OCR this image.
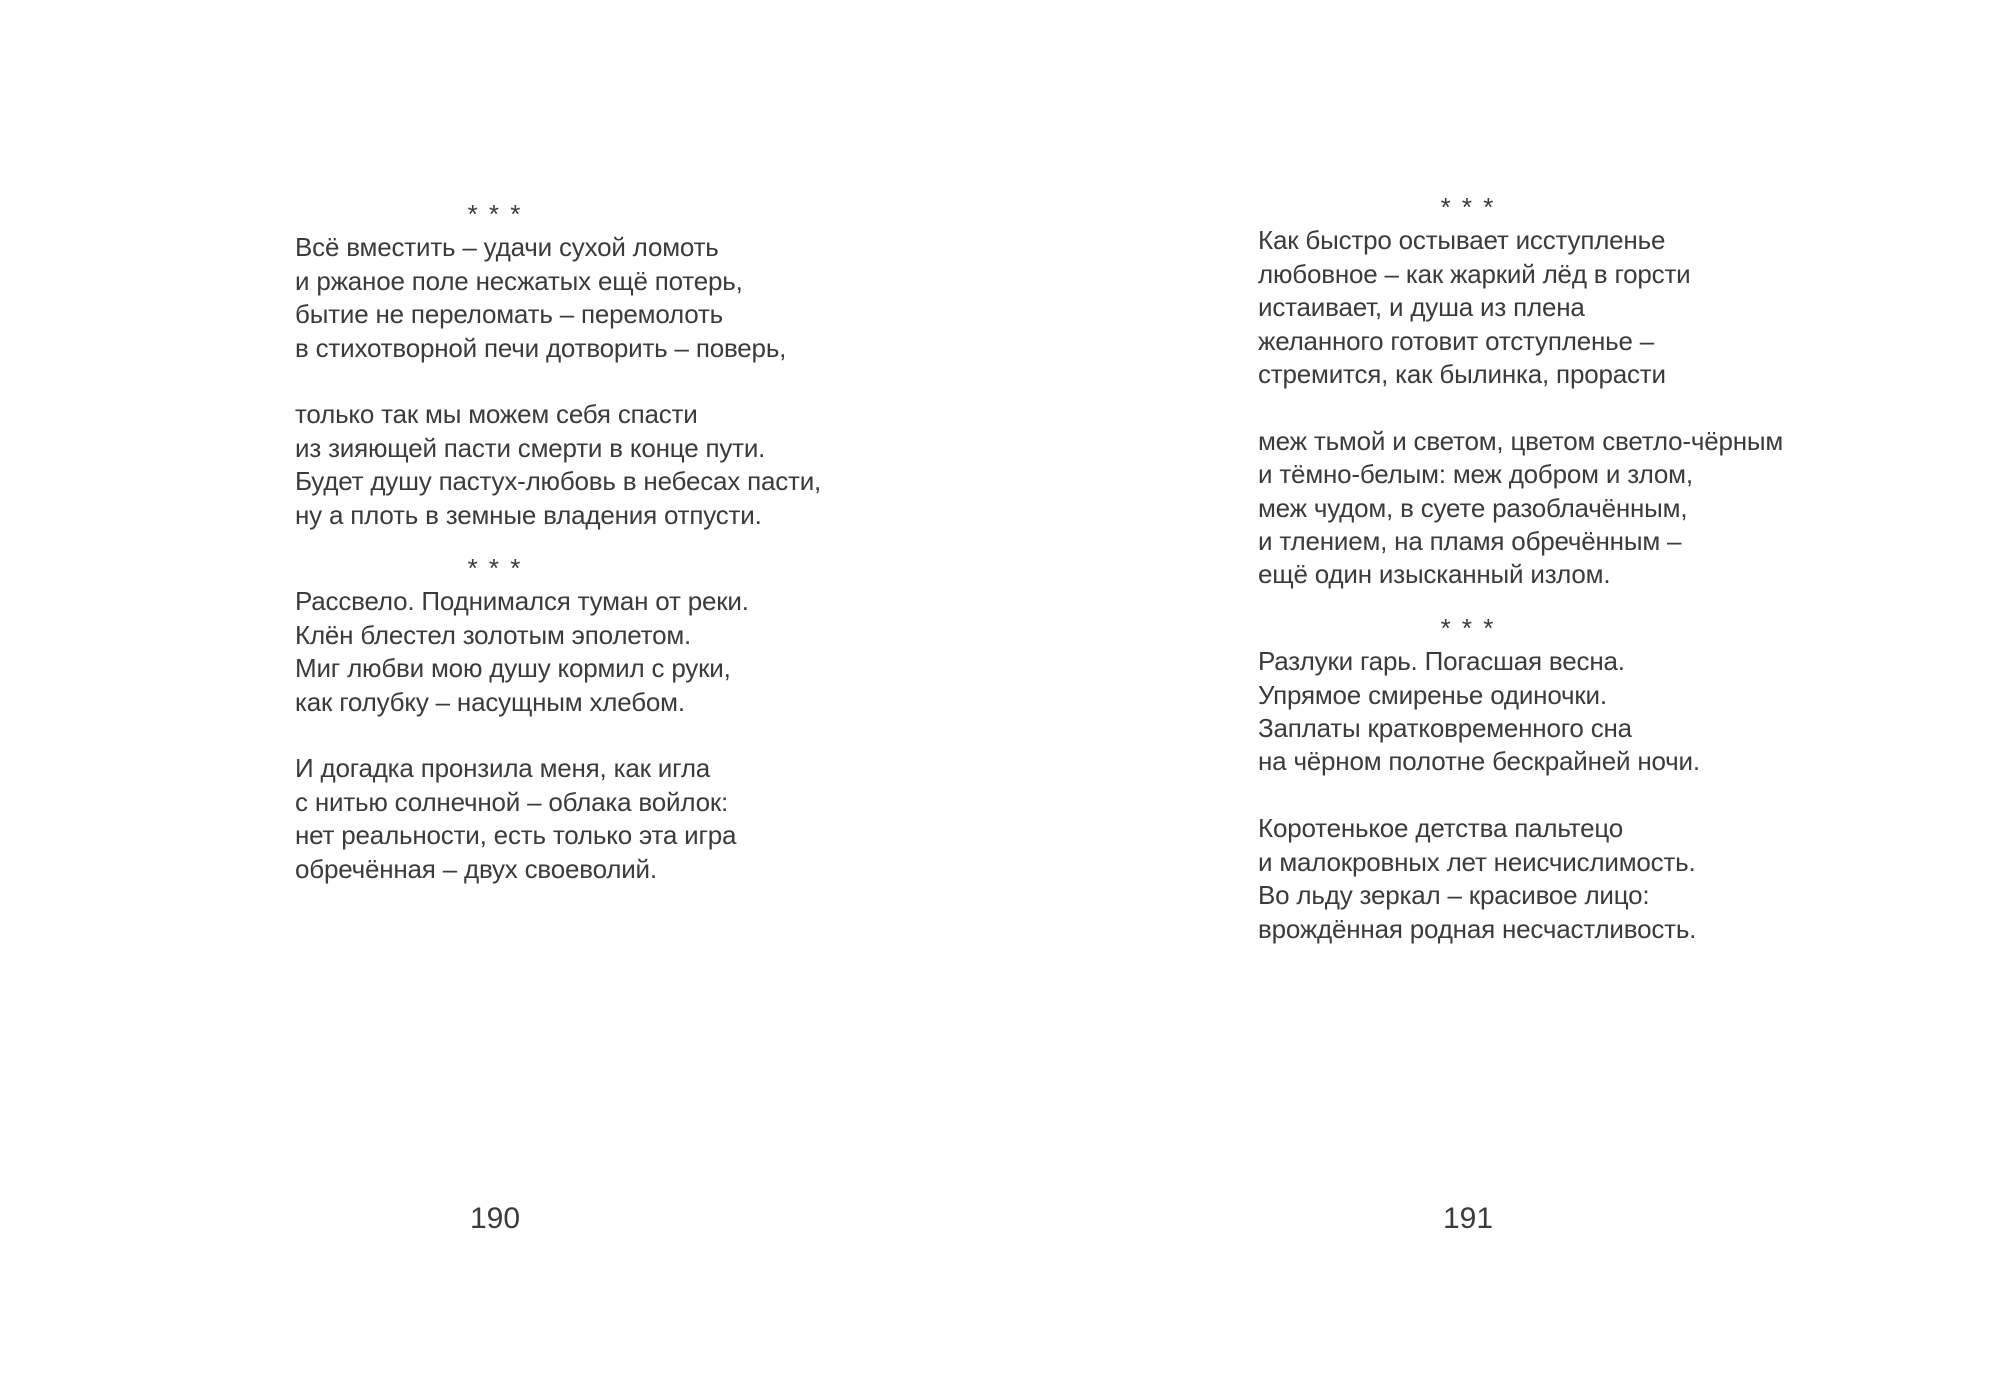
* * *
Всё вместить – удачи сухой ломоть
и ржаное поле несжатых ещё потерь,
бытие не переломать – перемолоть
в стихотворной печи дотворить – поверь,
только так мы можем себя спасти
из зияющей пасти смерти в конце пути.
Будет душу пастух-любовь в небесах пасти,
ну а плоть в земные владения отпусти.
* * *
Рассвело. Поднимался туман от реки.
Клён блестел золотым эполетом.
Миг любви мою душу кормил с руки,
как голубку – насущным хлебом.
И догадка пронзила меня, как игла
с нитью солнечной – облака войлок:
нет реальности, есть только эта игра
обречённая – двух своеволий.
* * *
Как быстро остывает исступленье
любовное – как жаркий лёд в горсти
истаивает, и душа из плена
желанного готовит отступленье –
стремится, как былинка, прорасти
меж тьмой и светом, цветом светло-чёрным
и тёмно-белым: меж добром и злом,
меж чудом, в суете разоблачённым,
и тлением, на пламя обречённым –
ещё один изысканный излом.
* * *
Разлуки гарь. Погасшая весна.
Упрямое смиренье одиночки.
Заплаты кратковременного сна
на чёрном полотне бескрайней ночи.
Коротенькое детства пальтецо
и малокровных лет неисчислимость.
Во льду зеркал – красивое лицо:
врождённая родная несчастливость.
190	191
